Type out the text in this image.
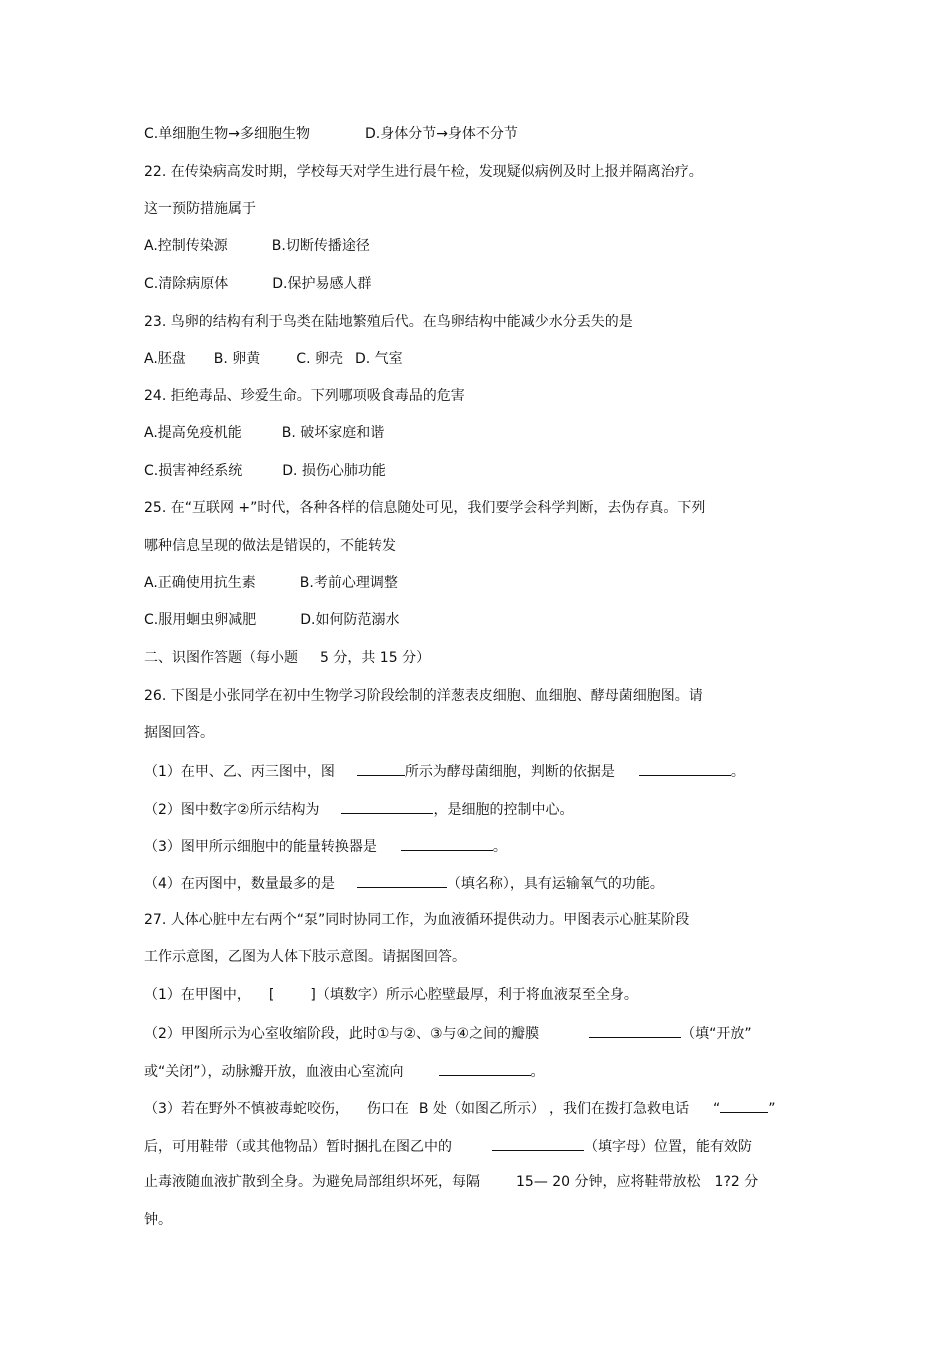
C.单细胞生物→多细胞生物	D.身体分节→身体不分节
22. 在传染病高发时期，学校每天对学生进行晨午检，发现疑似病例及时上报并隔离治疗。
这一预防措施属于
A.控制传染源	B.切断传播途径
C.清除病原体	D.保护易感人群
23. 鸟卵的结构有利于鸟类在陆地繁殖后代。在鸟卵结构中能减少水分丢失的是
A.胚盘 B. 卵黄	C. 卵壳 D. 气室
24. 拒绝毒品、珍爱生命。下列哪项吸食毒品的危害
A.提高免疫机能	B. 破坏家庭和谐
C.损害神经系统	D. 损伤心肺功能
25. 在“互联网 +”时代，各种各样的信息随处可见，我们要学会科学判断，去伪存真。下列
哪种信息呈现的做法是错误的，不能转发
A.正确使用抗生素	B.考前心理调整
C.服用蛔虫卵减肥	D.如何防范溺水
二、识图作答题（每小题 5 分，共 15 分）
26. 下图是小张同学在初中生物学习阶段绘制的洋葱表皮细胞、血细胞、酵母菌细胞图。请
据图回答。
（1）在甲、乙、丙三图中，图	所示为酵母菌细胞，判断的依据是	。
（2）图中数字②所示结构为	，是细胞的控制中心。
（3）图甲所示细胞中的能量转换器是	。
（4）在丙图中，数量最多的是	（填名称），具有运输氧气的功能。
27. 人体心脏中左右两个“泵”同时协同工作，为血液循环提供动力。甲图表示心脏某阶段
工作示意图，乙图为人体下肢示意图。请据图回答。
（1）在甲图中， [	]（填数字）所示心腔壁最厚，利于将血液泵至全身。
（2）甲图所示为心室收缩阶段，此时①与②、③与④之间的瓣膜	（填“开放”
或“关闭”），动脉瓣开放，血液由心室流向	。
（3）若在野外不慎被毒蛇咬伤， 伤口在 B 处（如图乙所示） ，我们在拨打急救电话 “	”
后，可用鞋带（或其他物品）暂时捆扎在图乙中的	（填字母）位置，能有效防
止毒液随血液扩散到全身。为避免局部组织坏死，每隔	15— 20 分钟，应将鞋带放松 1?2 分
钟。
